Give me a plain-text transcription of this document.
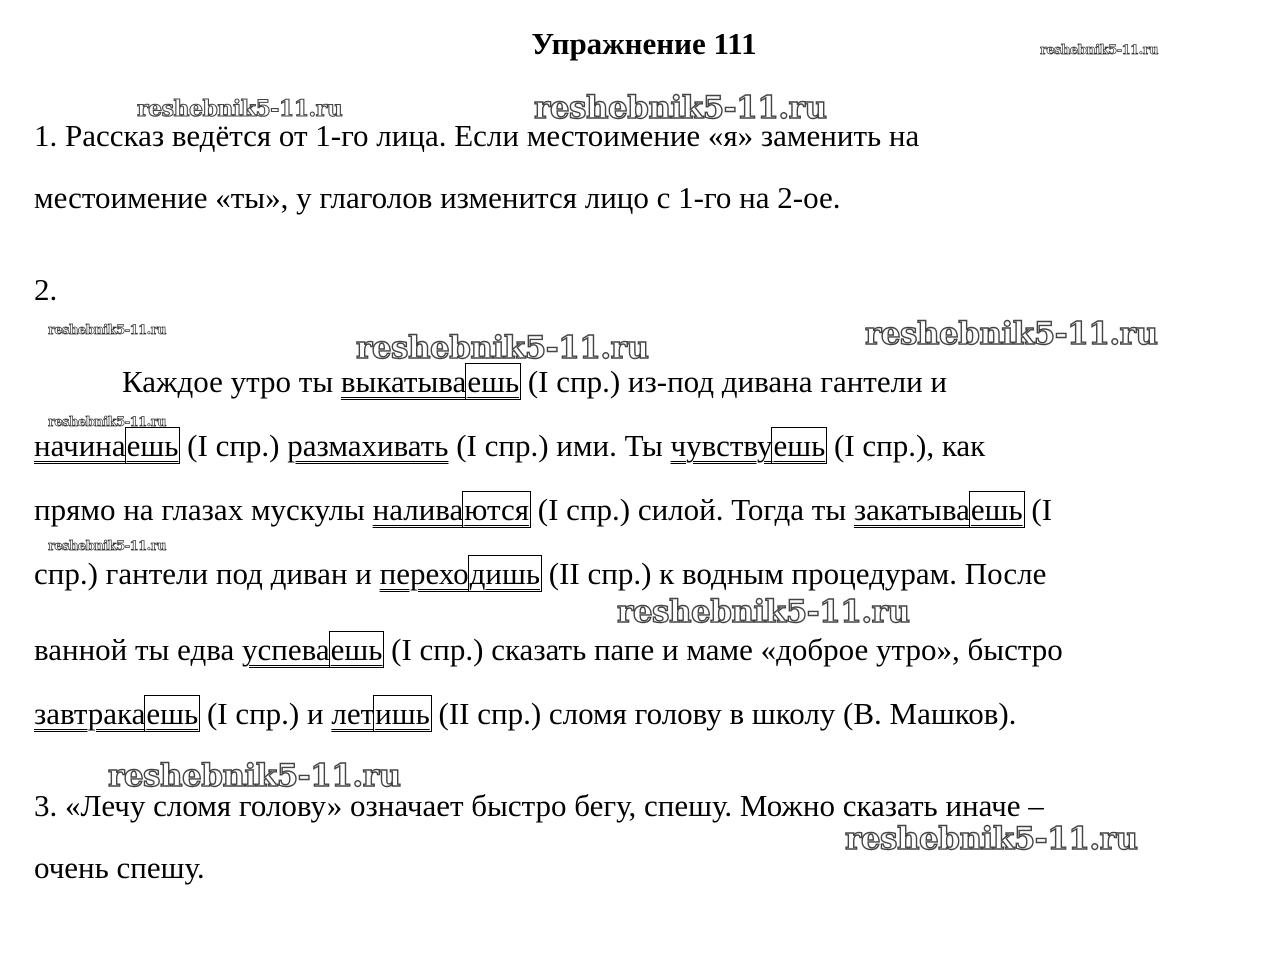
Упражнение 111
1. Рассказ ведётся от 1-го лица. Если местоимение «я» заменить на
местоимение «ты», у глаголов изменится лицо с 1-го на 2-ое.
2.
Каждое утро ты выкатываешь (I спр.) из-под дивана гантели и
начинаешь (I спр.) размахивать (I спр.) ими. Ты чувствуешь (I спр.), как
прямо на глазах мускулы наливаются (I спр.) силой. Тогда ты закатываешь (I
спр.) гантели под диван и переходишь (II спр.) к водным процедурам. После
ванной ты едва успеваешь (I спр.) сказать папе и маме «доброе утро», быстро
завтракаешь (I спр.) и летишь (II спр.) сломя голову в школу (В. Машков).
3. «Лечу сломя голову» означает быстро бегу, спешу. Можно сказать иначе –
очень спешу.
reshebnik5-11.ru
reshebnik5-11.ru
reshebnik5-11.ru
reshebnik5-11.ru	reshebnik5-11.ru
reshebnik5-11.ru
reshebnik5-11.ru
reshebnik5-11.ru
reshebnik5-11.ru
reshebnik5-11.ru
reshebnik5-11.ru
